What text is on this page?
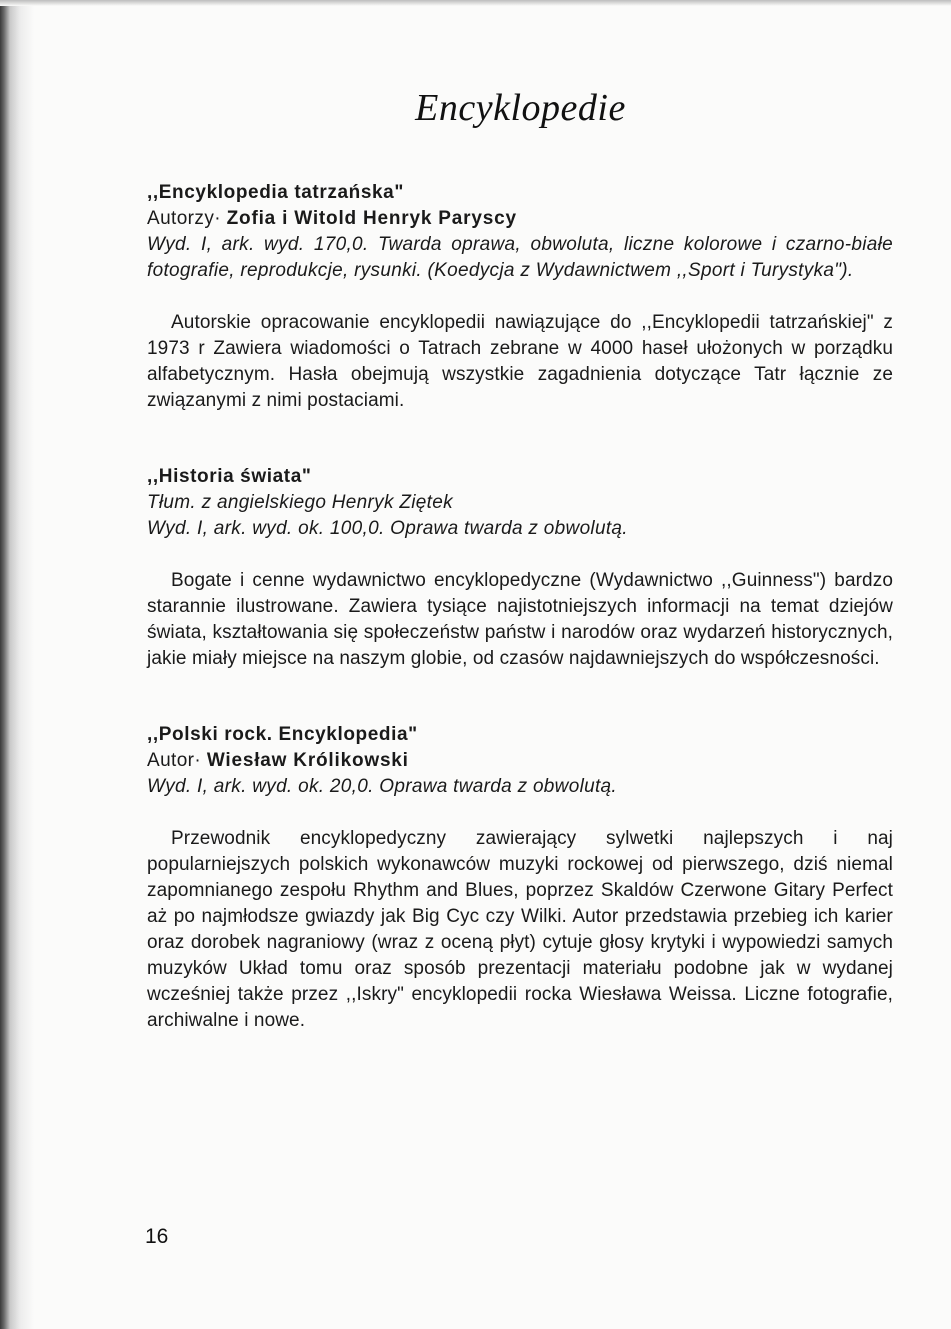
Encyklopedie
,,Encyklopedia tatrzańska"
Autorzy· Zofia i Witold Henryk Paryscy
Wyd. I, ark. wyd. 170,0. Twarda oprawa, obwoluta, liczne kolorowe i czarno-białe fotografie, reprodukcje, rysunki. (Koedycja z Wydawnictwem ,,Sport i Turystyka").
Autorskie opracowanie encyklopedii nawiązujące do ,,Encyklopedii tatrzańskiej" z 1973 r Zawiera wiadomości o Tatrach zebrane w 4000 haseł ułożonych w porządku alfabetycznym. Hasła obejmują wszystkie zagadnienia dotyczące Tatr łącznie ze związanymi z nimi postaciami.
,,Historia świata"
Tłum. z angielskiego Henryk Ziętek
Wyd. I, ark. wyd. ok. 100,0. Oprawa twarda z obwolutą.
Bogate i cenne wydawnictwo encyklopedyczne (Wydawnictwo ,,Guinness") bardzo starannie ilustrowane. Zawiera tysiące najistotniejszych informacji na temat dziejów świata, kształtowania się społeczeństw państw i narodów oraz wydarzeń historycznych, jakie miały miejsce na naszym globie, od czasów najdawniejszych do współczesności.
,,Polski rock. Encyklopedia"
Autor· Wiesław Królikowski
Wyd. I, ark. wyd. ok. 20,0. Oprawa twarda z obwolutą.
Przewodnik encyklopedyczny zawierający sylwetki najlepszych i naj popularniejszych polskich wykonawców muzyki rockowej od pierwszego, dziś niemal zapomnianego zespołu Rhythm and Blues, poprzez Skaldów Czerwone Gitary Perfect aż po najmłodsze gwiazdy jak Big Cyc czy Wilki. Autor przedstawia przebieg ich karier oraz dorobek nagraniowy (wraz z oceną płyt) cytuje głosy krytyki i wypowiedzi samych muzyków Układ tomu oraz sposób prezentacji materiału podobne jak w wydanej wcześniej także przez ,,Iskry" encyklopedii rocka Wiesława Weissa. Liczne fotografie, archiwalne i nowe.
16
